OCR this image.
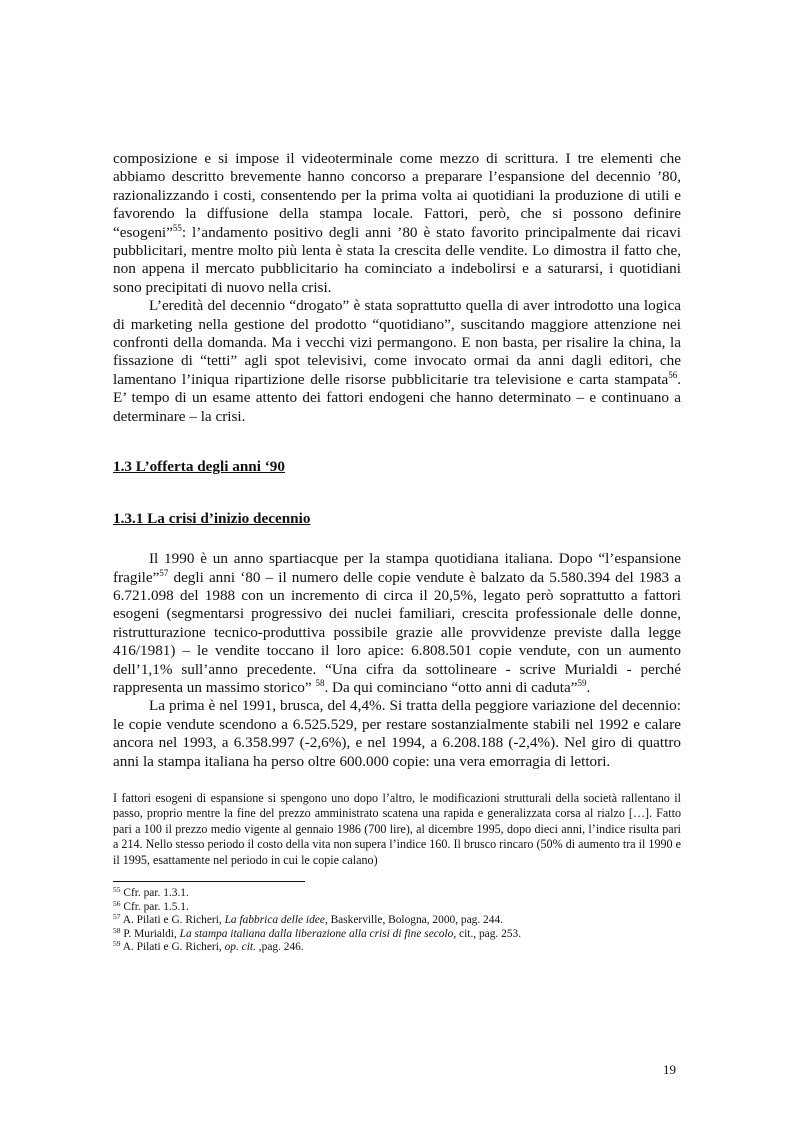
composizione e si impose il videoterminale come mezzo di scrittura. I tre elementi che abbiamo descritto brevemente hanno concorso a preparare l’espansione del decennio ’80, razionalizzando i costi, consentendo per la prima volta ai quotidiani la produzione di utili e favorendo la diffusione della stampa locale. Fattori, però, che si possono definire “esogeni”$^{55}$: l’andamento positivo degli anni ’80 è stato favorito principalmente dai ricavi pubblicitari, mentre molto più lenta è stata la crescita delle vendite. Lo dimostra il fatto che, non appena il mercato pubblicitario ha cominciato a indebolirsi e a saturarsi, i quotidiani sono precipitati di nuovo nella crisi.

L’eredità del decennio “drogato” è stata soprattutto quella di aver introdotto una logica di marketing nella gestione del prodotto “quotidiano”, suscitando maggiore attenzione nei confronti della domanda. Ma i vecchi vizi permangono. E non basta, per risalire la china, la fissazione di “tetti” agli spot televisivi, come invocato ormai da anni dagli editori, che lamentano l’iniqua ripartizione delle risorse pubblicitarie tra televisione e carta stampata$^{56}$. E’ tempo di un esame attento dei fattori endogeni che hanno determinato – e continuano a determinare – la crisi.

1.3 L’offerta degli anni ‘90
1.3.1 La crisi d’inizio decennio

Il 1990 è un anno spartiacque per la stampa quotidiana italiana. Dopo “l’espansione fragile”$^{57}$ degli anni ‘80 – il numero delle copie vendute è balzato da 5.580.394 del 1983 a 6.721.098 del 1988 con un incremento di circa il 20,5%, legato però soprattutto a fattori esogeni (segmentarsi progressivo dei nuclei familiari, crescita professionale delle donne, ristrutturazione tecnico-produttiva possibile grazie alle provvidenze previste dalla legge 416/1981) – le vendite toccano il loro apice: 6.808.501 copie vendute, con un aumento dell’1,1% sull’anno precedente. “Una cifra da sottolineare - scrive Murialdi - perché rappresenta un massimo storico” $^{58}$. Da qui cominciano “otto anni di caduta”$^{59}$.

La prima è nel 1991, brusca, del 4,4%. Si tratta della peggiore variazione del decennio: le copie vendute scendono a 6.525.529, per restare sostanzialmente stabili nel 1992 e calare ancora nel 1993, a 6.358.997 (-2,6%), e nel 1994, a 6.208.188 (-2,4%). Nel giro di quattro anni la stampa italiana ha perso oltre 600.000 copie: una vera emorragia di lettori.

I fattori esogeni di espansione si spengono uno dopo l’altro, le modificazioni strutturali della società rallentano il passo, proprio mentre la fine del prezzo amministrato scatena una rapida e generalizzata corsa al rialzo […]. Fatto pari a 100 il prezzo medio vigente al gennaio 1986 (700 lire), al dicembre 1995, dopo dieci anni, l’indice risulta pari a 214. Nello stesso periodo il costo della vita non supera l’indice 160. Il brusco rincaro (50% di aumento tra il 1990 e il 1995, esattamente nel periodo in cui le copie calano)

$^{55}$ Cfr. par. 1.3.1.

$^{56}$ Cfr. par. 1.5.1.

$^{57}$ A. Pilati e G. Richeri, La fabbrica delle idee, Baskerville, Bologna, 2000, pag. 244.

$^{58}$ P. Murialdi, La stampa italiana dalla liberazione alla crisi di fine secolo, cit., pag. 253.

$^{59}$ A. Pilati e G. Richeri, op. cit. ,pag. 246.

19
